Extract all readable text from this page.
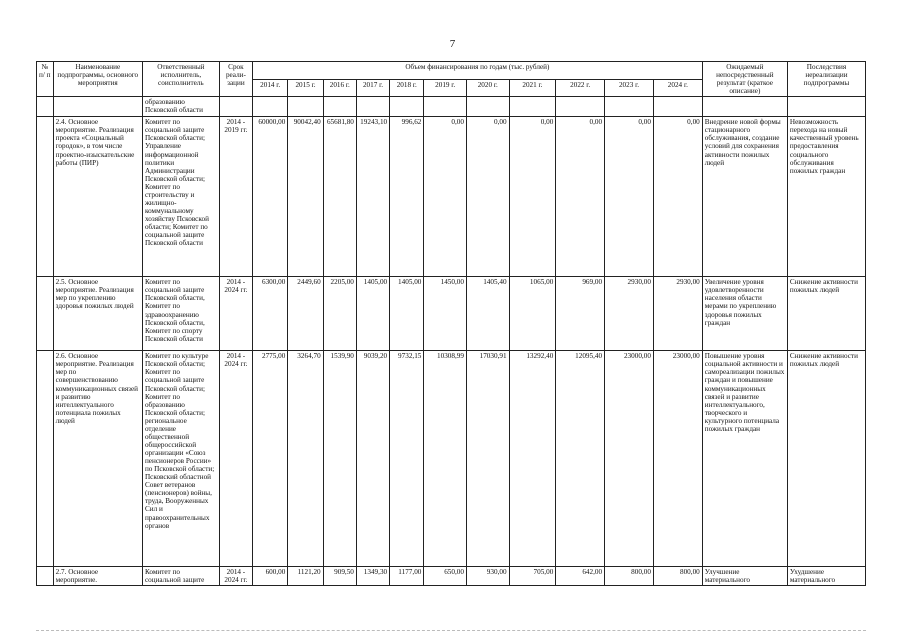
7
№ п/ п	Наименование подпрограммы, основного мероприятия	Ответственный исполнитель, соисполнитель	Срок реали- зации	Объем финансирования по годам (тыс. рублей)											Ожидаемый непосредственный результат (краткое описание)	Последствия нереализации подпрограммы
				2014 г.	2015 г.	2016 г.	2017 г.	2018 г.	2019 г.	2020 г.	2021 г.	2022 г.	2023 г.	2024 г.		
		образованию Псковской области														
	2.4. Основное мероприятие. Реализация проекта «Социальный городок», в том числе проектно-изыскательские работы (ПИР)	Комитет по социальной защите Псковской области; Управление информационной политики Администрации Псковской области; Комитет по строительству и жилищно-коммунальному хозяйству Псковской области; Комитет по социальной защите Псковской области	2014 - 2019 гг.	60000,00	90042,40	65681,80	19243,10	996,62	0,00	0,00	0,00	0,00	0,00	0,00	Внедрение новой формы стационарного обслуживания, создание условий для сохранения активности пожилых людей	Невозможность перехода на новый качественный уровень предоставления социального обслуживания пожилых граждан
	2.5. Основное мероприятие. Реализация мер по укреплению здоровья пожилых людей	Комитет по социальной защите Псковской области, Комитет по здравоохранению Псковской области, Комитет по спорту Псковской области	2014 - 2024 гг.	6300,00	2449,60	2205,00	1405,00	1405,00	1450,00	1405,40	1065,00	969,00	2930,00	2930,00	Увеличение уровня удовлетворенности населения области мерами по укреплению здоровья пожилых граждан	Снижение активности пожилых людей
	2.6. Основное мероприятие. Реализация мер по совершенствованию коммуникационных связей и развитию интеллектуального потенциала пожилых людей	Комитет по культуре Псковской области; Комитет по социальной защите Псковской области; Комитет по образованию Псковской области; региональное отделение общественной общероссийской организации «Союз пенсионеров России» по Псковской области; Псковский областной Совет ветеранов (пенсионеров) войны, труда, Вооруженных Сил и правоохранительных органов	2014 - 2024 гг.	2775,00	3264,70	1539,90	9039,20	9732,15	10308,99	17030,91	13292,40	12095,40	23000,00	23000,00	Повышение уровня социальной активности и самореализации пожилых граждан и повышение коммуникационных связей и развитие интеллектуального, творческого и культурного потенциала пожилых граждан	Снижение активности пожилых людей
	2.7. Основное мероприятие.	Комитет по социальной защите	2014 - 2024 гг.	600,00	1121,20	909,50	1349,30	1177,00	650,00	930,00	705,00	642,00	800,00	800,00	Улучшение материального	Ухудшение материального
